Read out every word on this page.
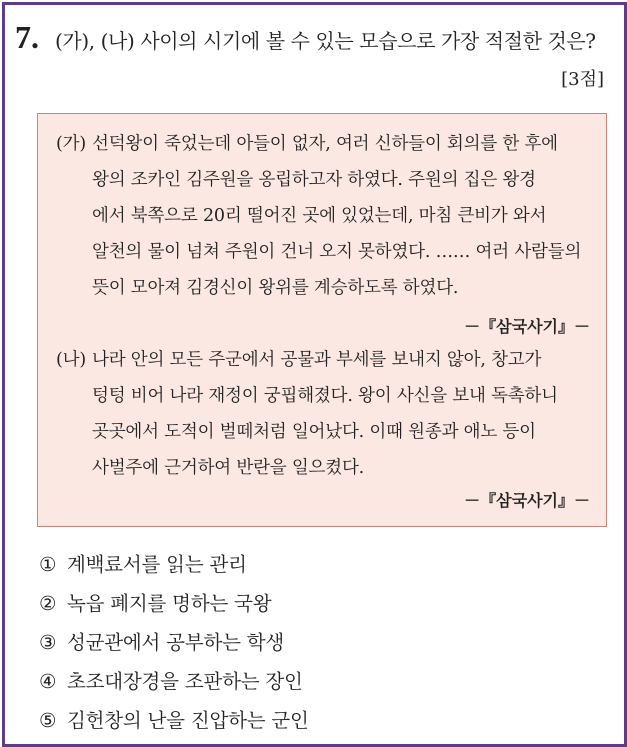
7. (가), (나) 사이의 시기에 볼 수 있는 모습으로 가장 적절한 것은?
[3점]
(가) 선덕왕이 죽었는데 아들이 없자, 여러 신하들이 회의를 한 후에
왕의 조카인 김주원을 옹립하고자 하였다. 주원의 집은 왕경
에서 북쪽으로 20리 떨어진 곳에 있었는데, 마침 큰비가 와서
알천의 물이 넘쳐 주원이 건너 오지 못하였다. …… 여러 사람들의
뜻이 모아져 김경신이 왕위를 계승하도록 하였다.
－『삼국사기』－
(나) 나라 안의 모든 주군에서 공물과 부세를 보내지 않아, 창고가
텅텅 비어 나라 재정이 궁핍해졌다. 왕이 사신을 보내 독촉하니
곳곳에서 도적이 벌떼처럼 일어났다. 이때 원종과 애노 등이
사벌주에 근거하여 반란을 일으켰다.
－『삼국사기』－
① 계백료서를 읽는 관리
② 녹읍 폐지를 명하는 국왕
③ 성균관에서 공부하는 학생
④ 초조대장경을 조판하는 장인
⑤ 김헌창의 난을 진압하는 군인
